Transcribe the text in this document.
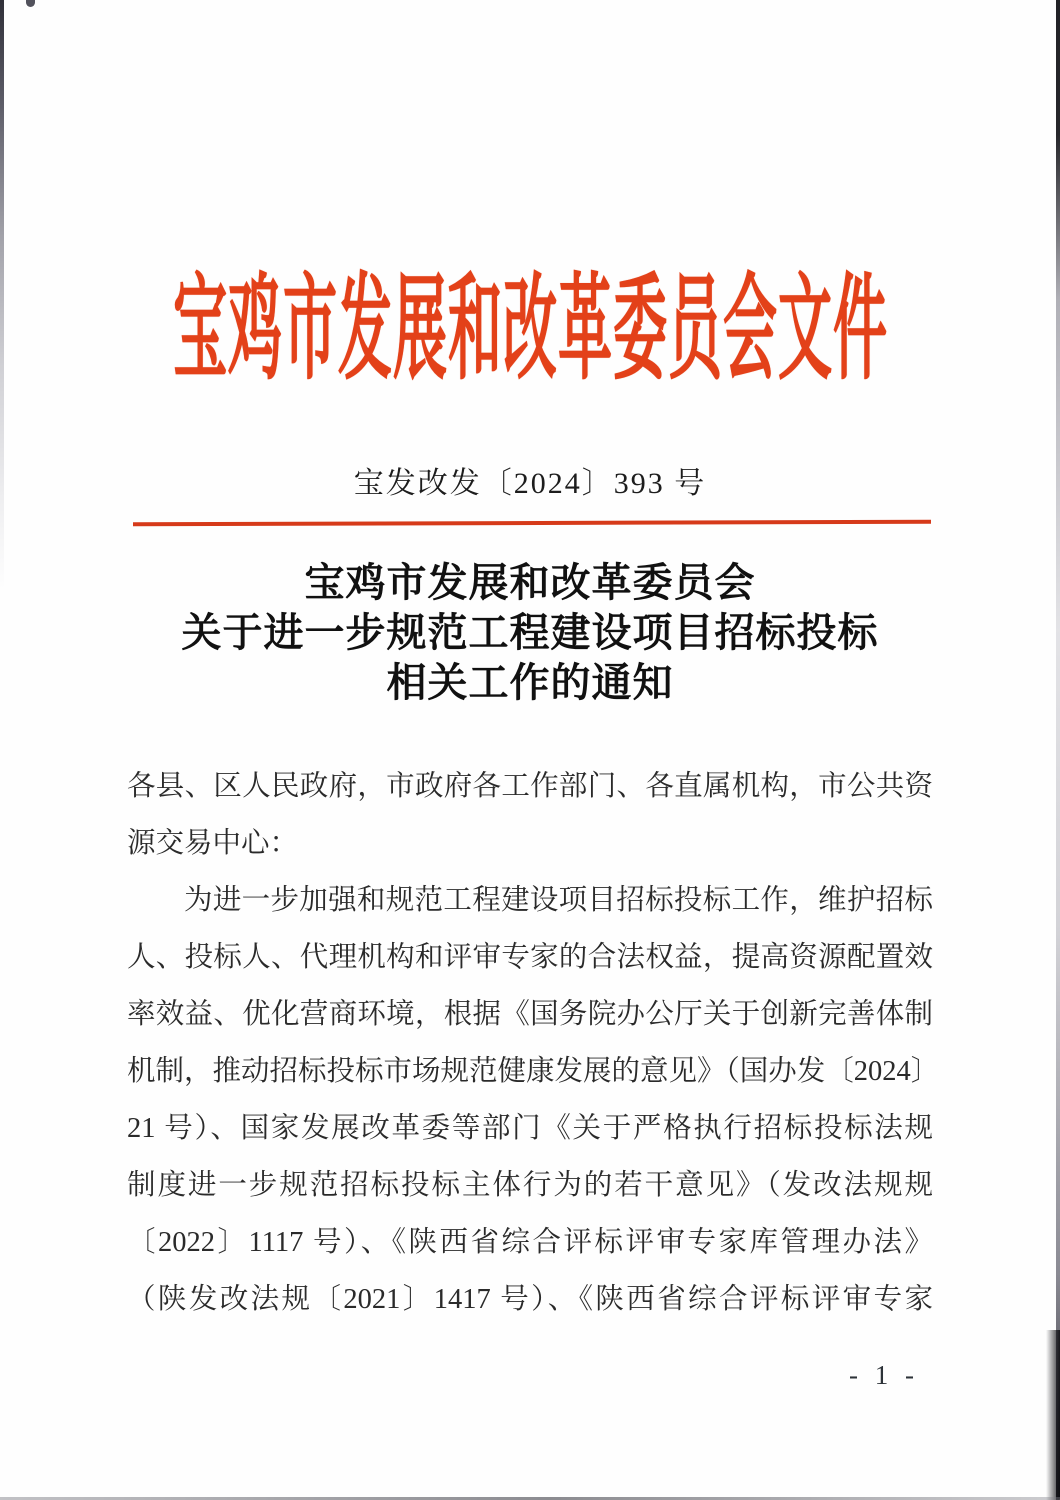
宝鸡市发展和改革委员会文件
宝发改发〔2024〕393 号
宝鸡市发展和改革委员会
关于进一步规范工程建设项目招标投标
相关工作的通知
各县、区人民政府，市政府各工作部门、各直属机构，市公共资
源交易中心：
为进一步加强和规范工程建设项目招标投标工作，维护招标
人、投标人、代理机构和评审专家的合法权益，提高资源配置效
率效益、优化营商环境，根据《国务院办公厅关于创新完善体制
机制，推动招标投标市场规范健康发展的意见》（国办发〔2024〕
21 号）、国家发展改革委等部门《关于严格执行招标投标法规
制度进一步规范招标投标主体行为的若干意见》（发改法规规
〔2022〕1117 号）、《陕西省综合评标评审专家库管理办法》
（陕发改法规〔2021〕1417 号）、《陕西省综合评标评审专家
- 1 -
